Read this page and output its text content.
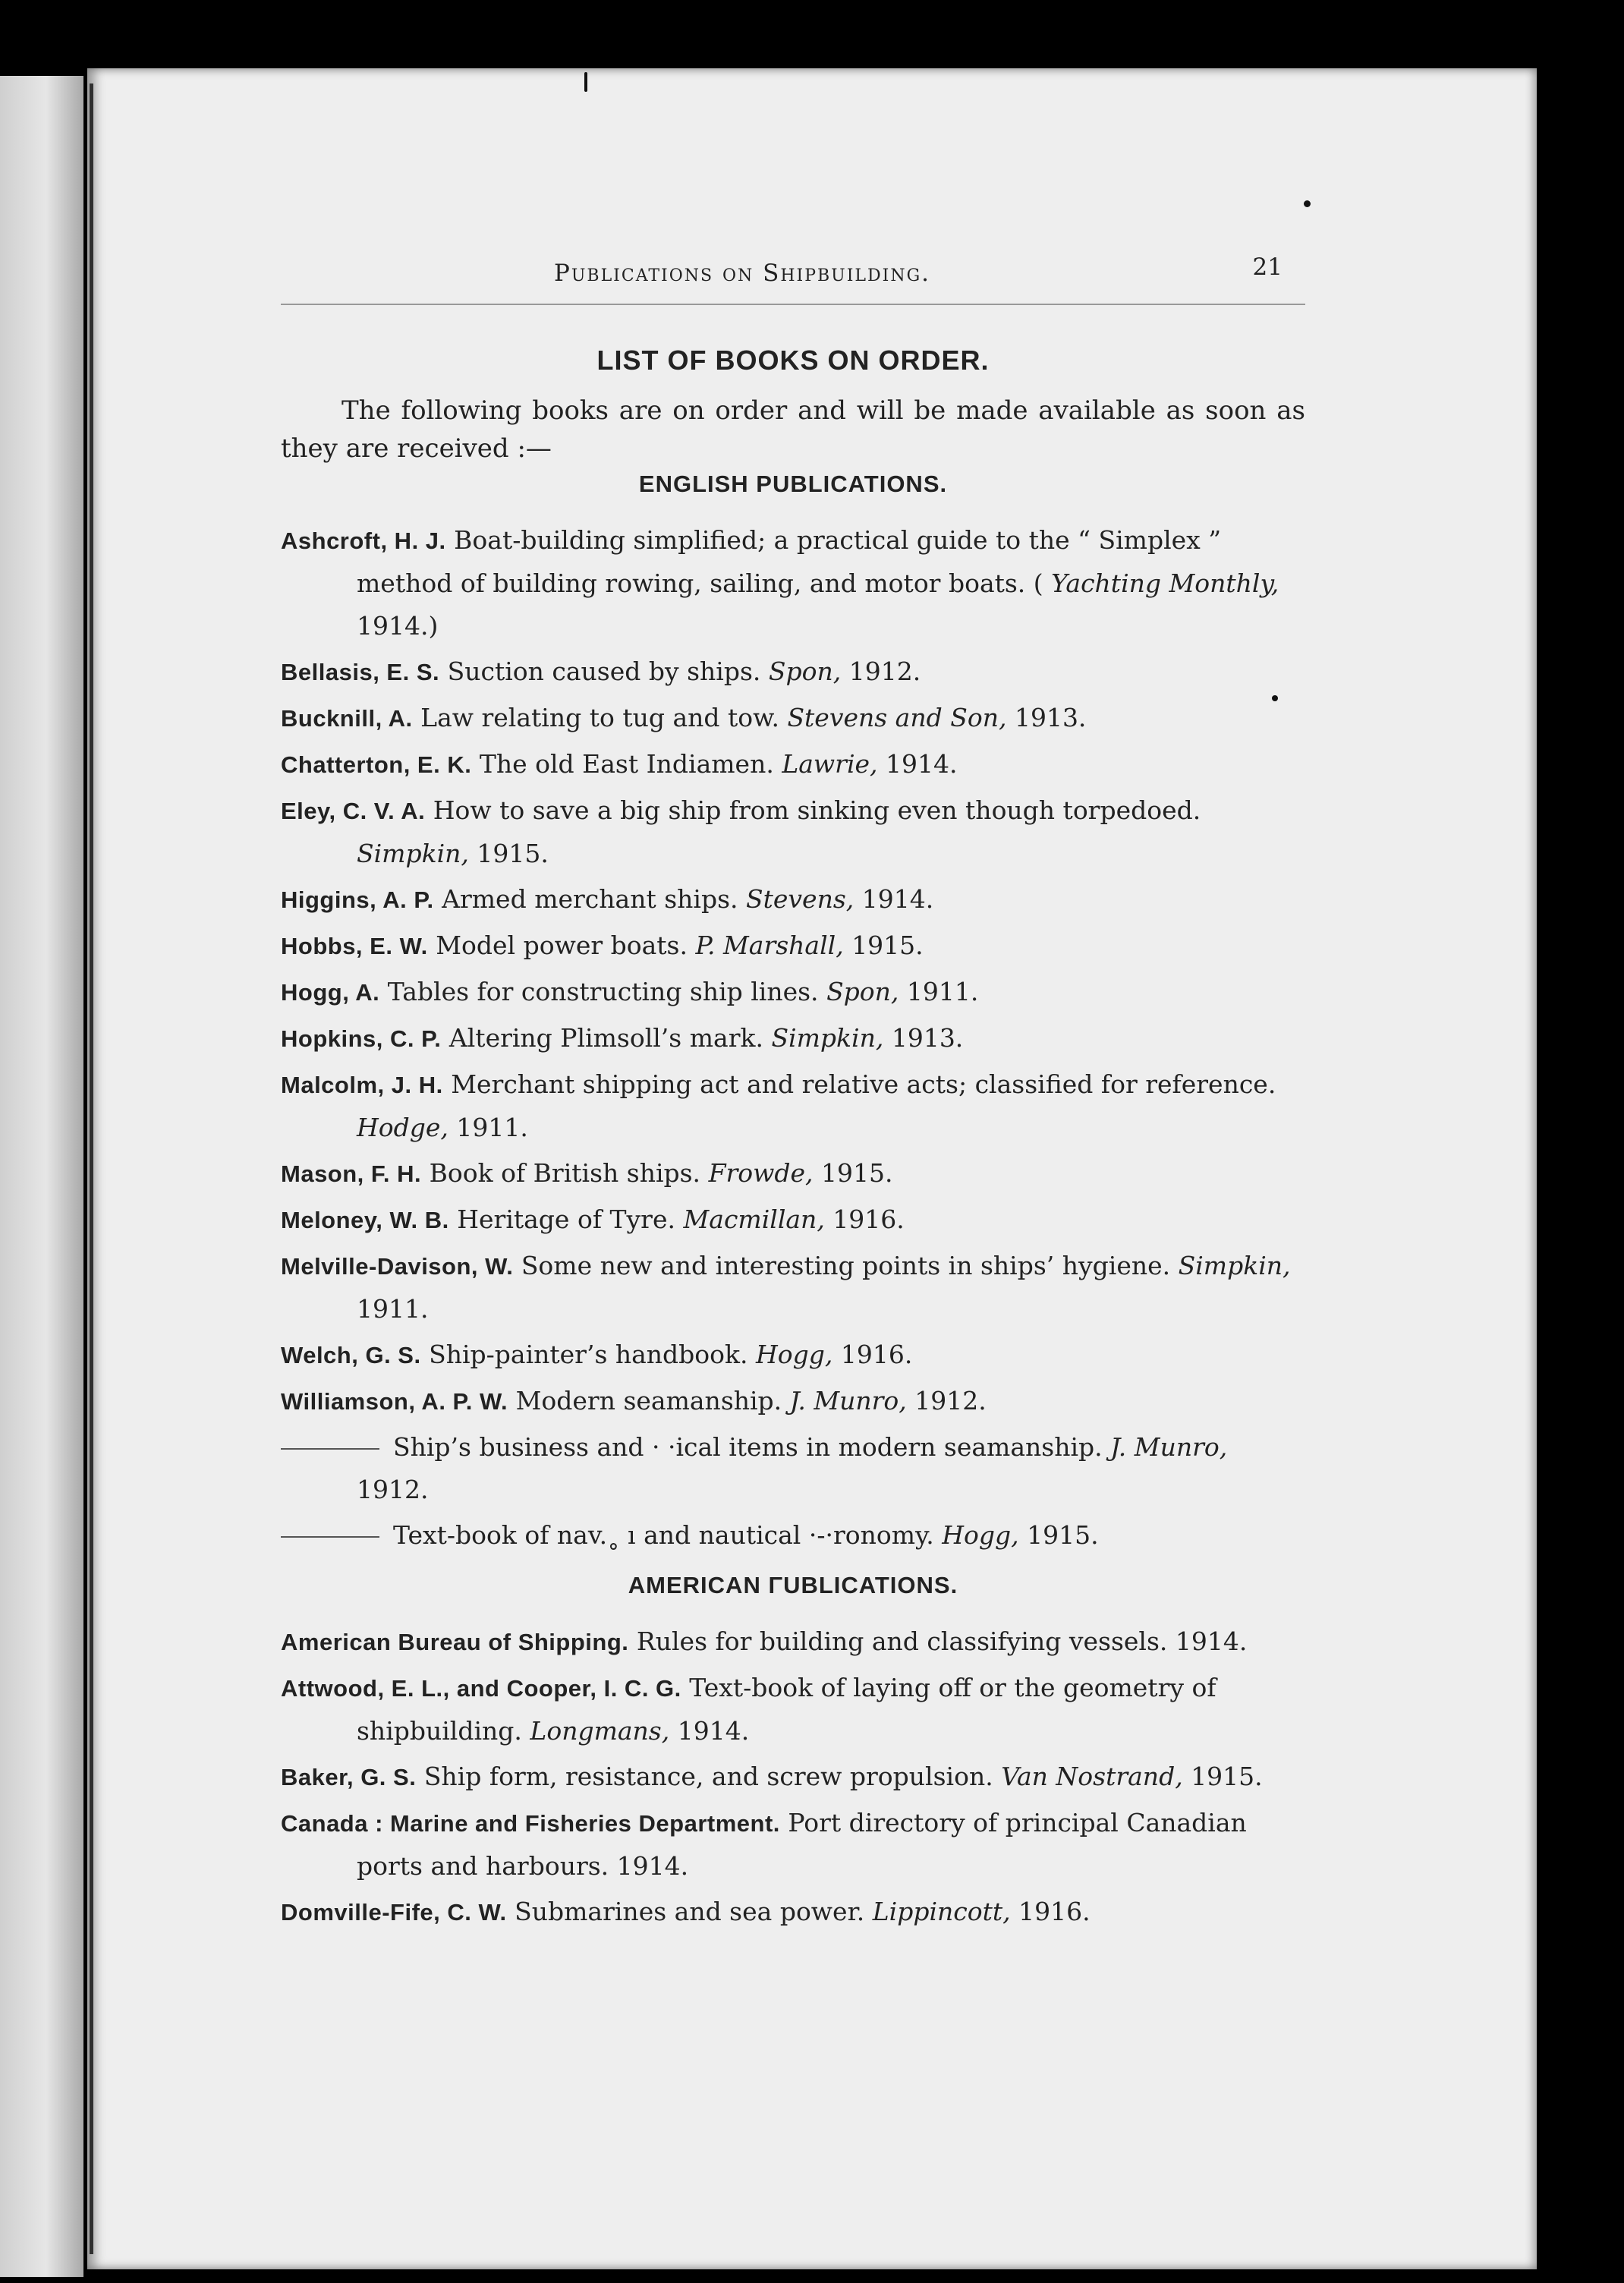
Publications on Shipbuilding.	21
LIST OF BOOKS ON ORDER.

The following books are on order and will be made available as soon as they are received :—

ENGLISH PUBLICATIONS.

Ashcroft, H. J. Boat-building simplified; a practical guide to the “ Simplex ” method of building rowing, sailing, and motor boats. ( Yachting Monthly, 1914.)

Bellasis, E. S. Suction caused by ships. Spon, 1912.

Bucknill, A. Law relating to tug and tow. Stevens and Son, 1913.

Chatterton, E. K. The old East Indiamen. Lawrie, 1914.

Eley, C. V. A. How to save a big ship from sinking even though torpedoed. Simpkin, 1915.

Higgins, A. P. Armed merchant ships. Stevens, 1914.

Hobbs, E. W. Model power boats. P. Marshall, 1915.

Hogg, A. Tables for constructing ship lines. Spon, 1911.

Hopkins, C. P. Altering Plimsoll’s mark. Simpkin, 1913.

Malcolm, J. H. Merchant shipping act and relative acts; classified for reference. Hodge, 1911.

Mason, F. H. Book of British ships. Frowde, 1915.

Meloney, W. B. Heritage of Tyre. Macmillan, 1916.

Melville-Davison, W. Some new and interesting points in ships’ hygiene. Simpkin, 1911.

Welch, G. S. Ship-painter’s handbook. Hogg, 1916.

Williamson, A. P. W. Modern seamanship. J. Munro, 1912.

Ship’s business and · ·ical items in modern seamanship. J. Munro, 1912.

Text-book of nav.˳ ı and nautical ·-·ronomy. Hogg, 1915.

AMERICAN ΓUBLICATIONS.

American Bureau of Shipping. Rules for building and classifying vessels. 1914.

Attwood, E. L., and Cooper, I. C. G. Text-book of laying off or the geometry of shipbuilding. Longmans, 1914.

Baker, G. S. Ship form, resistance, and screw propulsion. Van Nostrand, 1915.

Canada : Marine and Fisheries Department. Port directory of principal Canadian ports and harbours. 1914.

Domville-Fife, C. W. Submarines and sea power. Lippincott, 1916.
